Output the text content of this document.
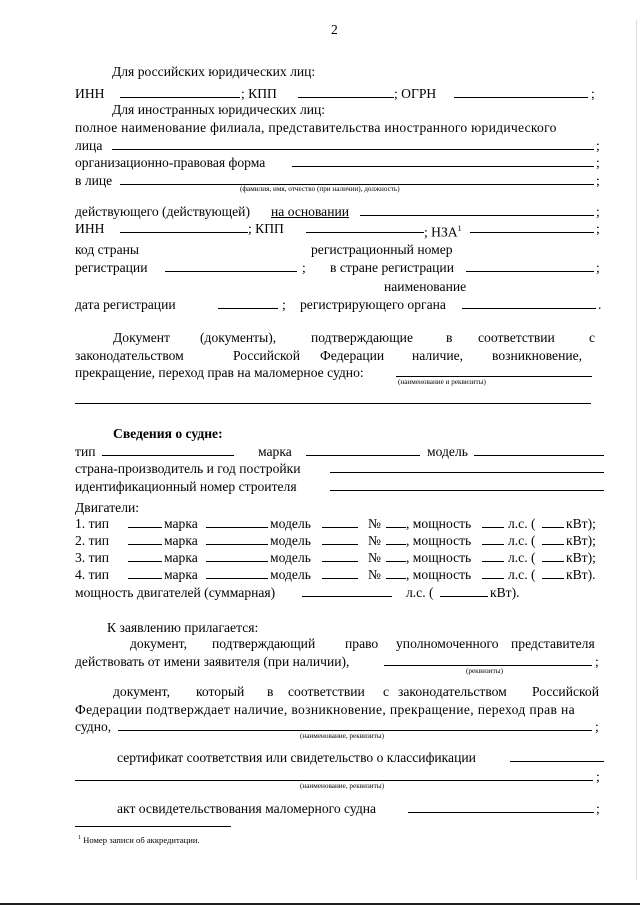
2
Для российских юридических лиц:
ИНН	; КПП	; ОГРН	;
Для иностранных юридических лиц:
полное наименование филиала, представительства иностранного юридического
лица	;
организационно-правовая форма	;
в лице	;
(фамилия, имя, отчество (при наличии), должность)
действующего (действующей) на основании	;
ИНН	; КПП	; НЗА$^1$	;
код страны
регистрации	;
регистрационный номер
в стране регистрации	;
наименование
дата регистрации	; регистрирующего органа	.
Документ (документы),	подтверждающие в соответствии	с
законодательством	Российской Федерации наличие, возникновение,
прекращение, переход прав на маломерное судно:
(наименование и реквизиты)
Сведения о судне:
тип	марка	модель
страна-производитель и год постройки
идентификационный номер строителя
Двигатели:
1. тип	марка	модель	№ , мощность	л.с. ( кВт);
2. тип	марка	модель	№ , мощность	л.с. ( кВт);
3. тип	марка	модель	№ , мощность	л.с. ( кВт);
4. тип	марка	модель	№ , мощность	л.с. ( кВт).
мощность двигателей (суммарная)	л.с. (	кВт).
К заявлению прилагается:
документ, подтверждающий право уполномоченного представителя
действовать от имени заявителя (при наличии),	;
(реквизиты)
документ, который в соответствии с законодательством Российской
Федерации подтверждает наличие, возникновение, прекращение, переход прав на
судно,	;
(наименование, реквизиты)
сертификат соответствия или свидетельство о классификации
;
(наименование, реквизиты)
акт освидетельствования маломерного судна	;
$^1$ Номер записи об аккредитации.
